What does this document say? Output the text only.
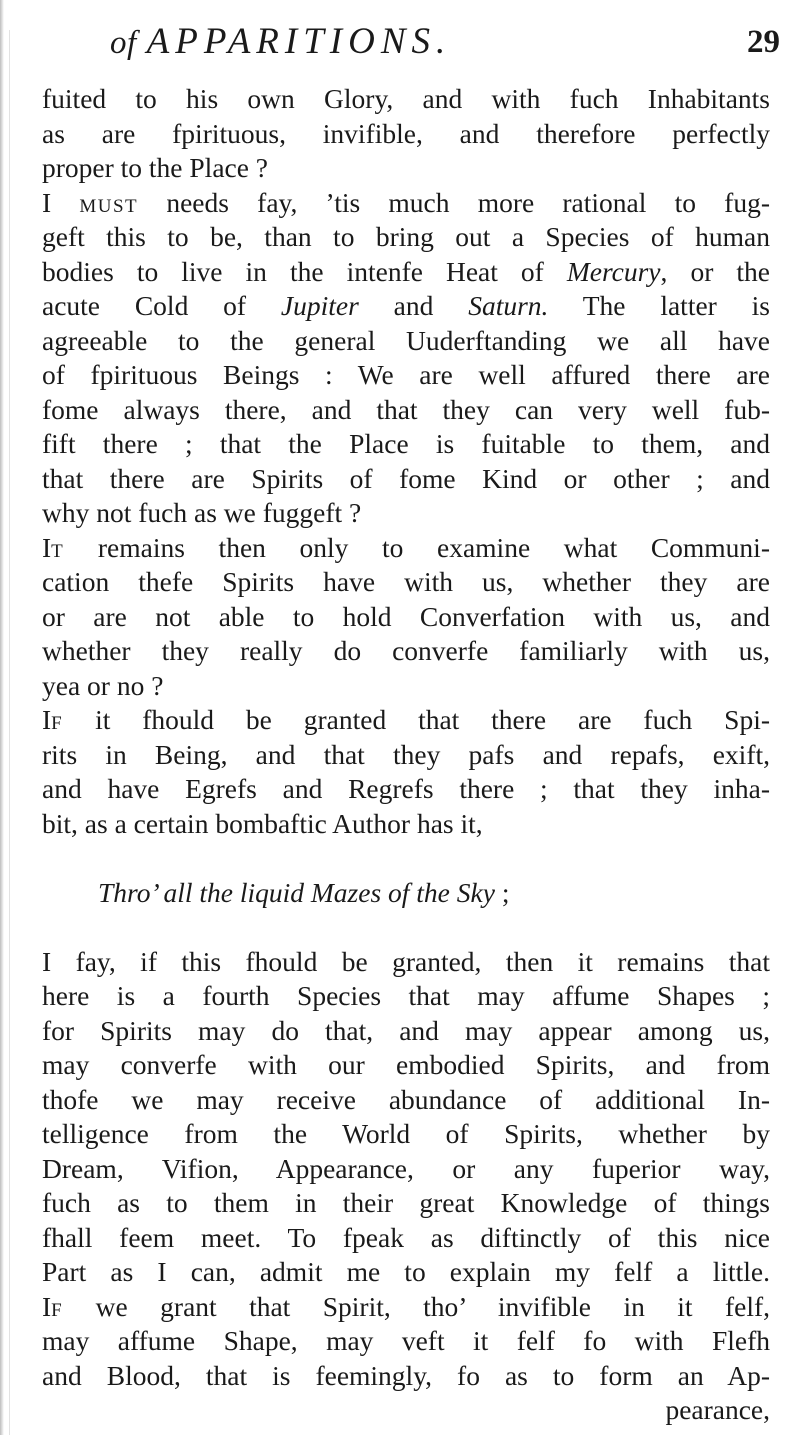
of APPARITIONS.	29
fuited to his own Glory, and with fuch Inhabitants
as are fpirituous, invifible, and therefore perfectly
proper to the Place ?
I MUST needs fay, ’tis much more rational to fug-
geft this to be, than to bring out a Species of human
bodies to live in the intenfe Heat of Mercury, or the
acute Cold of Jupiter and Saturn. The latter is
agreeable to the general Uuderftanding we all have
of fpirituous Beings : We are well affured there are
fome always there, and that they can very well fub-
fift there ; that the Place is fuitable to them, and
that there are Spirits of fome Kind or other ; and
why not fuch as we fuggeft ?
IT remains then only to examine what Communi-
cation thefe Spirits have with us, whether they are
or are not able to hold Converfation with us, and
whether they really do converfe familiarly with us,
yea or no ?
IF it fhould be granted that there are fuch Spi-
rits in Being, and that they pafs and repafs, exift,
and have Egrefs and Regrefs there ; that they inha-
bit, as a certain bombaftic Author has it,
Thro’ all the liquid Mazes of the Sky ;
I fay, if this fhould be granted, then it remains that
here is a fourth Species that may affume Shapes ;
for Spirits may do that, and may appear among us,
may converfe with our embodied Spirits, and from
thofe we may receive abundance of additional In-
telligence from the World of Spirits, whether by
Dream, Vifion, Appearance, or any fuperior way,
fuch as to them in their great Knowledge of things
fhall feem meet. To fpeak as diftinctly of this nice
Part as I can, admit me to explain my felf a little.
IF we grant that Spirit, tho’ invifible in it felf,
may affume Shape, may veft it felf fo with Flefh
and Blood, that is feemingly, fo as to form an Ap-
pearance,
